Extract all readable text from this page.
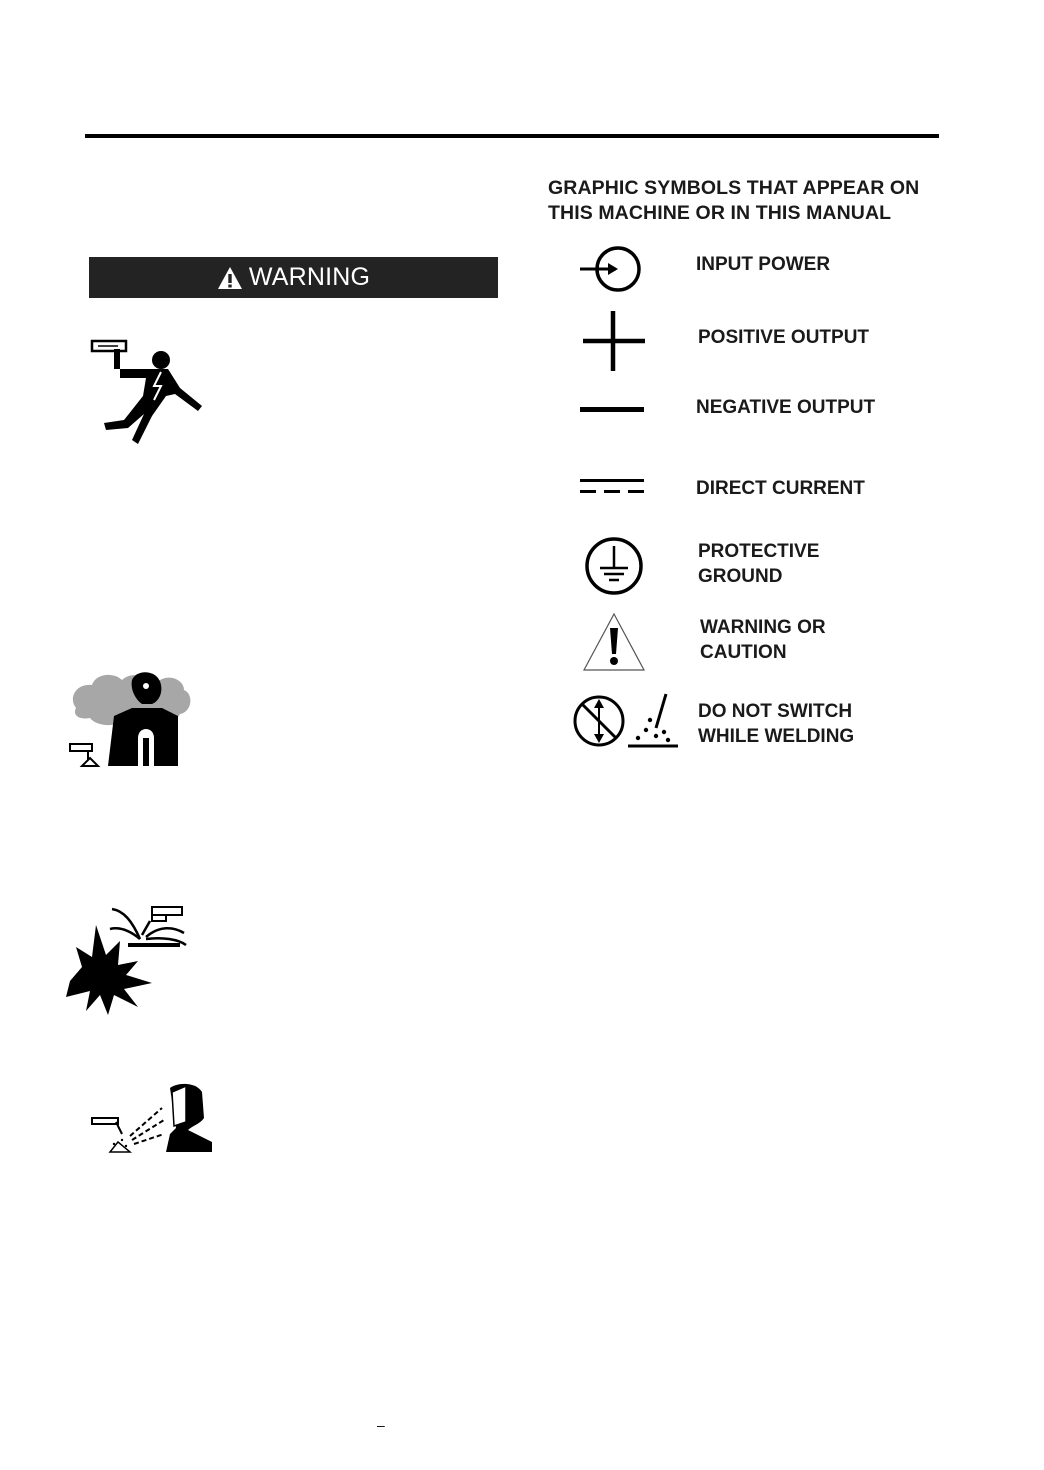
WARNING
GRAPHIC SYMBOLS THAT APPEAR ON
THIS MACHINE OR IN THIS MANUAL
INPUT POWER
POSITIVE OUTPUT
NEGATIVE OUTPUT
DIRECT CURRENT
PROTECTIVE
GROUND
WARNING OR
CAUTION
DO NOT SWITCH
WHILE WELDING
–
